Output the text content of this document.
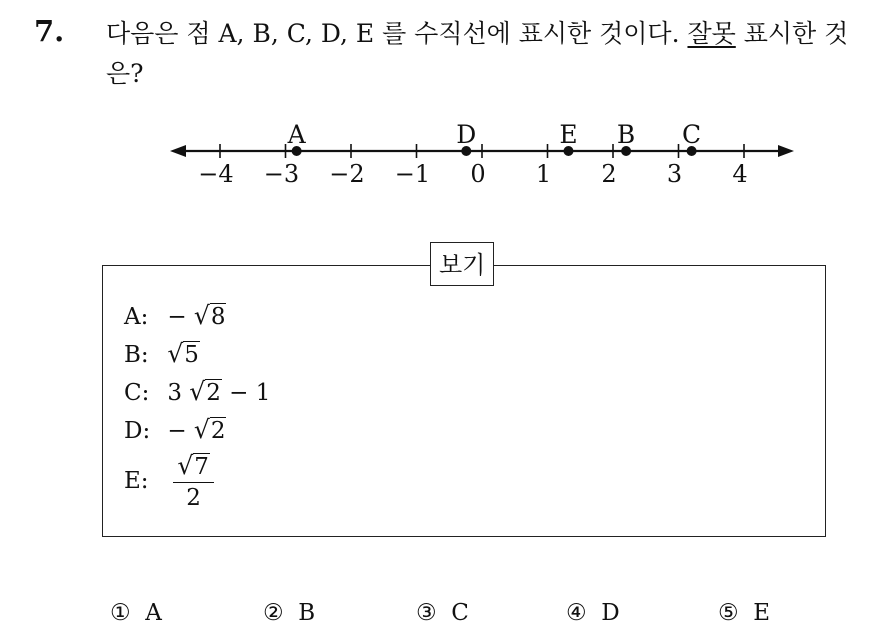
7. 다음은 점 A, B, C, D, E 를 수직선에 표시한 것이다. 잘못 표시한 것은?
−4 −3 −2 −1 0 1 2 3 4
A	D	E B C
보기
A: − √8
B: √5
C: 3 √2 − 1
D: − √2
E: $\frac{√7}{2}$
① A	② B	③ C	④ D	⑤ E
